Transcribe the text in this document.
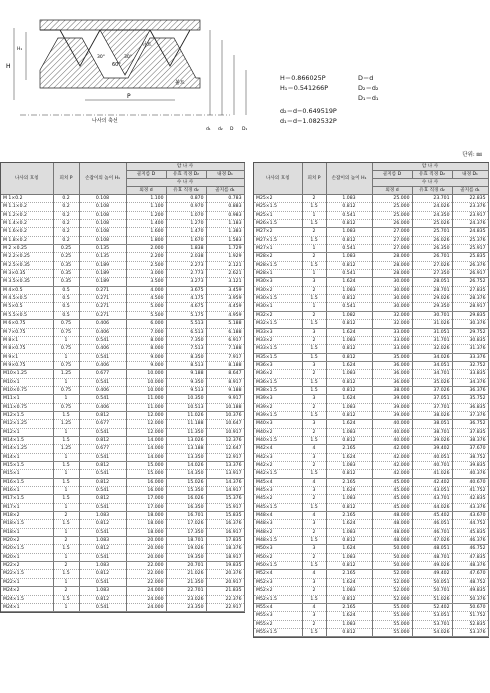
H
H₁
너트
60°
30°	30°
볼트
P
나사의 축선
d₁ d₂ D D₁
H＝0.866025P
H₁＝0.541266P
D＝d
D₂＝d₂
D₁＝d₁
d₂＝d−0.649519P
d₁＝d−1.082532P
단위: ㎜
나사의 호칭	피치 P	손잡이의 높이 H₁	암 나 사		
			골지름 D	유효 직경 D₂	내경 D₁
			수 나 사		
			외경 d	유효 직경 d₂	골지름 d₁
M 1×0.2	0.2	0.108	1.100	0.870	0.783
M 1.1×0.2	0.2	0.108	1.100	0.970	0.883
M 1.2×0.2	0.2	0.108	1.200	1.070	0.983
M 1.4×0.2	0.2	0.108	1.400	1.270	1.183
M 1.6×0.2	0.2	0.108	1.600	1.470	1.383
M 1.8×0.2	0.2	0.108	1.800	1.670	1.583
M 2 ×0.25	0.25	0.135	2.000	1.838	1.729
M 2.2×0.25	0.25	0.135	2.200	2.038	1.929
M 2.5×0.35	0.35	0.189	2.500	2.273	2.121
M 3×0.35	0.35	0.189	3.000	2.773	2.621
M 3.5×0.35	0.35	0.189	3.500	3.273	3.121
M 4×0.5	0.5	0.271	4.000	3.675	3.459
M 4.5×0.5	0.5	0.271	4.500	4.175	3.959
M 5×0.5	0.5	0.271	5.000	4.675	4.459
M 5.5×0.5	0.5	0.271	5.500	5.175	4.959
M 6×0.75	0.75	0.406	6.000	5.513	5.188
M 7×0.75	0.75	0.406	7.000	6.513	6.188
M 8×1	1	0.541	8.000	7.350	6.917
M 8×0.75	0.75	0.406	8.000	7.513	7.188
M 9×1	1	0.541	9.000	8.350	7.917
M 9×0.75	0.75	0.406	9.000	8.513	8.188
M10×1.25	1.25	0.677	10.000	9.188	8.647
M10×1	1	0.541	10.000	9.350	8.917
M10×0.75	0.75	0.406	10.000	9.513	9.188
M11×1	1	0.541	11.000	10.350	9.917
M11×0.75	0.75	0.406	11.000	10.513	10.188
M12×1.5	1.5	0.812	12.000	11.026	10.376
M12×1.25	1.25	0.677	12.000	11.188	10.647
M12×1	1	0.541	12.000	11.350	10.917
M14×1.5	1.5	0.812	14.000	13.026	12.376
M14×1.25	1.25	0.677	14.000	13.188	12.647
M14×1	1	0.541	14.000	13.350	12.917
M15×1.5	1.5	0.812	15.000	14.026	13.376
M15×1	1	0.541	15.000	14.350	13.917
M16×1.5	1.5	0.812	16.000	15.026	14.376
M16×1	1	0.541	16.000	15.350	14.917
M17×1.5	1.5	0.812	17.000	16.026	15.376
M17×1	1	0.541	17.000	16.350	15.917
M18×2	2	1.083	18.000	16.701	15.835
M18×1.5	1.5	0.812	18.000	17.026	16.376
M18×1	1	0.541	18.000	17.350	16.917
M20×2	2	1.083	20.000	18.701	17.835
M20×1.5	1.5	0.812	20.000	19.026	18.376
M20×1	1	0.541	20.000	19.350	18.917
M22×2	2	1.083	22.000	20.701	19.835
M22×1.5	1.5	0.812	22.000	21.026	20.376
M22×1	1	0.541	22.000	21.350	20.917
M24×2	2	1.083	24.000	22.701	21.835
M24×1.5	1.5	0.812	24.000	23.026	22.376
M24×1	1	0.541	24.000	23.350	22.917
나사의 호칭	피치 P	손잡이의 높이 H₁	암 나 사		
			골지름 D	유효 직경 D₂	내경 D₁
			수 나 사		
			외경 d	유효 직경 d₂	골지름 d₁
M25×2	2	1.083	25.000	23.701	22.835
M25×1.5	1.5	0.812	25.000	24.026	23.376
M25×1	1	0.541	25.000	24.350	23.917
M26×1.5	1.5	0.812	26.000	25.026	24.376
M27×2	2	1.083	27.000	25.701	24.835
M27×1.5	1.5	0.812	27.000	26.026	25.376
M27×1	1	0.541	27.000	26.350	25.917
M28×2	2	1.083	28.000	26.701	25.835
M28×1.5	1.5	0.812	28.000	27.026	26.376
M28×1	1	0.541	28.000	27.350	26.917
M30×3	3	1.624	30.000	28.051	26.752
M30×2	2	1.083	30.000	28.701	27.835
M30×1.5	1.5	0.812	30.000	29.026	28.376
M30×1	1	0.541	30.000	29.350	28.917
M32×2	2	1.082	32.000	30.701	29.835
M32×1.5	1.5	0.812	32.000	31.026	30.376
M33×3	3	1.624	33.000	31.051	29.752
M33×2	2	1.083	33.000	31.701	30.835
M33×1.5	1.5	0.812	33.000	32.026	31.376
M35×1.5	1.5	0.812	35.000	34.026	33.376
M36×3	3	1.624	36.000	34.051	32.752
M36×2	2	1.083	36.000	34.701	33.835
M36×1.5	1.5	0.812	36.000	35.026	34.376
M38×1.5	1.5	0.812	38.000	37.026	36.376
M39×3	3	1.624	39.000	37.051	35.752
M39×2	2	1.083	39.000	37.701	36.835
M39×1.5	1.5	0.812	39.000	38.026	37.376
M40×3	3	1.624	40.000	38.051	36.752
M40×2	2	1.083	40.000	38.701	37.835
M40×1.5	1.5	0.812	40.000	39.026	38.376
M42×4	4	2.165	42.000	39.402	37.670
M42×3	3	1.624	42.000	40.051	38.752
M42×2	2	1.083	42.000	40.701	39.835
M42×1.5	1.5	0.812	42.000	41.026	40.376
M45×4	4	2.165	45.000	42.402	40.670
M45×3	3	1.624	45.000	43.051	41.752
M45×2	2	1.083	45.000	43.701	42.835
M45×1.5	1.5	0.812	45.000	44.026	43.376
M48×4	4	2.165	48.000	45.402	43.670
M48×3	3	1.624	48.000	46.051	44.752
M48×2	2	1.083	48.000	46.701	45.835
M48×1.5	1.5	0.812	48.000	47.026	46.376
M50×3	3	1.624	50.000	48.051	46.752
M50×2	2	1.083	50.000	48.701	47.835
M50×1.5	1.5	0.812	50.000	49.026	48.376
M52×4	4	2.165	52.000	49.402	47.670
M52×3	3	1.624	52.000	50.051	48.752
M52×2	2	1.083	52.000	50.701	49.835
M52×1.5	1.5	0.812	52.000	51.026	50.376
M55×4	4	2.165	55.000	52.402	50.670
M55×3	3	1.624	55.000	53.051	51.752
M55×2	2	1.083	55.000	53.701	52.835
M55×1.5	1.5	0.812	55.000	54.026	53.376
